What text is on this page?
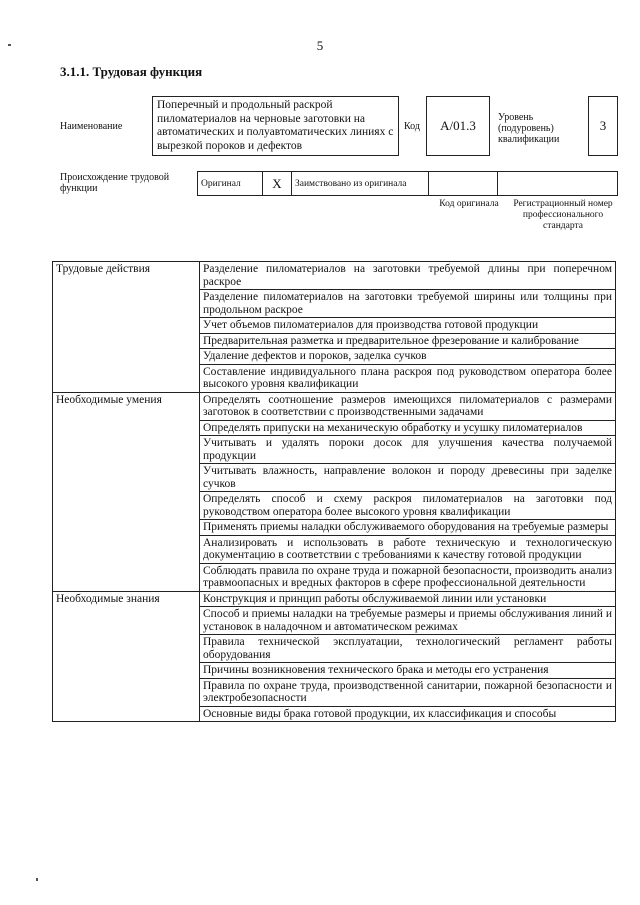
5
3.1.1. Трудовая функция
Наименование
Поперечный и продольный раскрой пиломатериалов на черновые заготовки на автоматических и полуавтоматических линиях с вырезкой пороков и дефектов
Код A/01.3
Уровень (подуровень) квалификации
3
Происхождение трудовой функции	Оригинал	X	Заимствовано из оригинала		
Код оригинала	Регистрационный номер профессионального стандарта
Трудовые действия	Разделение пиломатериалов на заготовки требуемой длины при поперечном раскрое
	Разделение пиломатериалов на заготовки требуемой ширины или толщины при продольном раскрое
	Учет объемов пиломатериалов для производства готовой продукции
	Предварительная разметка и предварительное фрезерование и калибрование
	Удаление дефектов и пороков, заделка сучков
	Составление индивидуального плана раскроя под руководством оператора более высокого уровня квалификации
Необходимые умения	Определять соотношение размеров имеющихся пиломатериалов с размерами заготовок в соответствии с производственными задачами
	Определять припуски на механическую обработку и усушку пиломатериалов
	Учитывать и удалять пороки досок для улучшения качества получаемой продукции
	Учитывать влажность, направление волокон и породу древесины при заделке сучков
	Определять способ и схему раскроя пиломатериалов на заготовки под руководством оператора более высокого уровня квалификации
	Применять приемы наладки обслуживаемого оборудования на требуемые размеры
	Анализировать и использовать в работе техническую и технологическую документацию в соответствии с требованиями к качеству готовой продукции
	Соблюдать правила по охране труда и пожарной безопасности, производить анализ травмоопасных и вредных факторов в сфере профессиональной деятельности
Необходимые знания	Конструкция и принцип работы обслуживаемой линии или установки
	Способ и приемы наладки на требуемые размеры и приемы обслуживания линий и установок в наладочном и автоматическом режимах
	Правила технической эксплуатации, технологический регламент работы оборудования
	Причины возникновения технического брака и методы его устранения
	Правила по охране труда, производственной санитарии, пожарной безопасности и электробезопасности
	Основные виды брака готовой продукции, их классификация и способы
